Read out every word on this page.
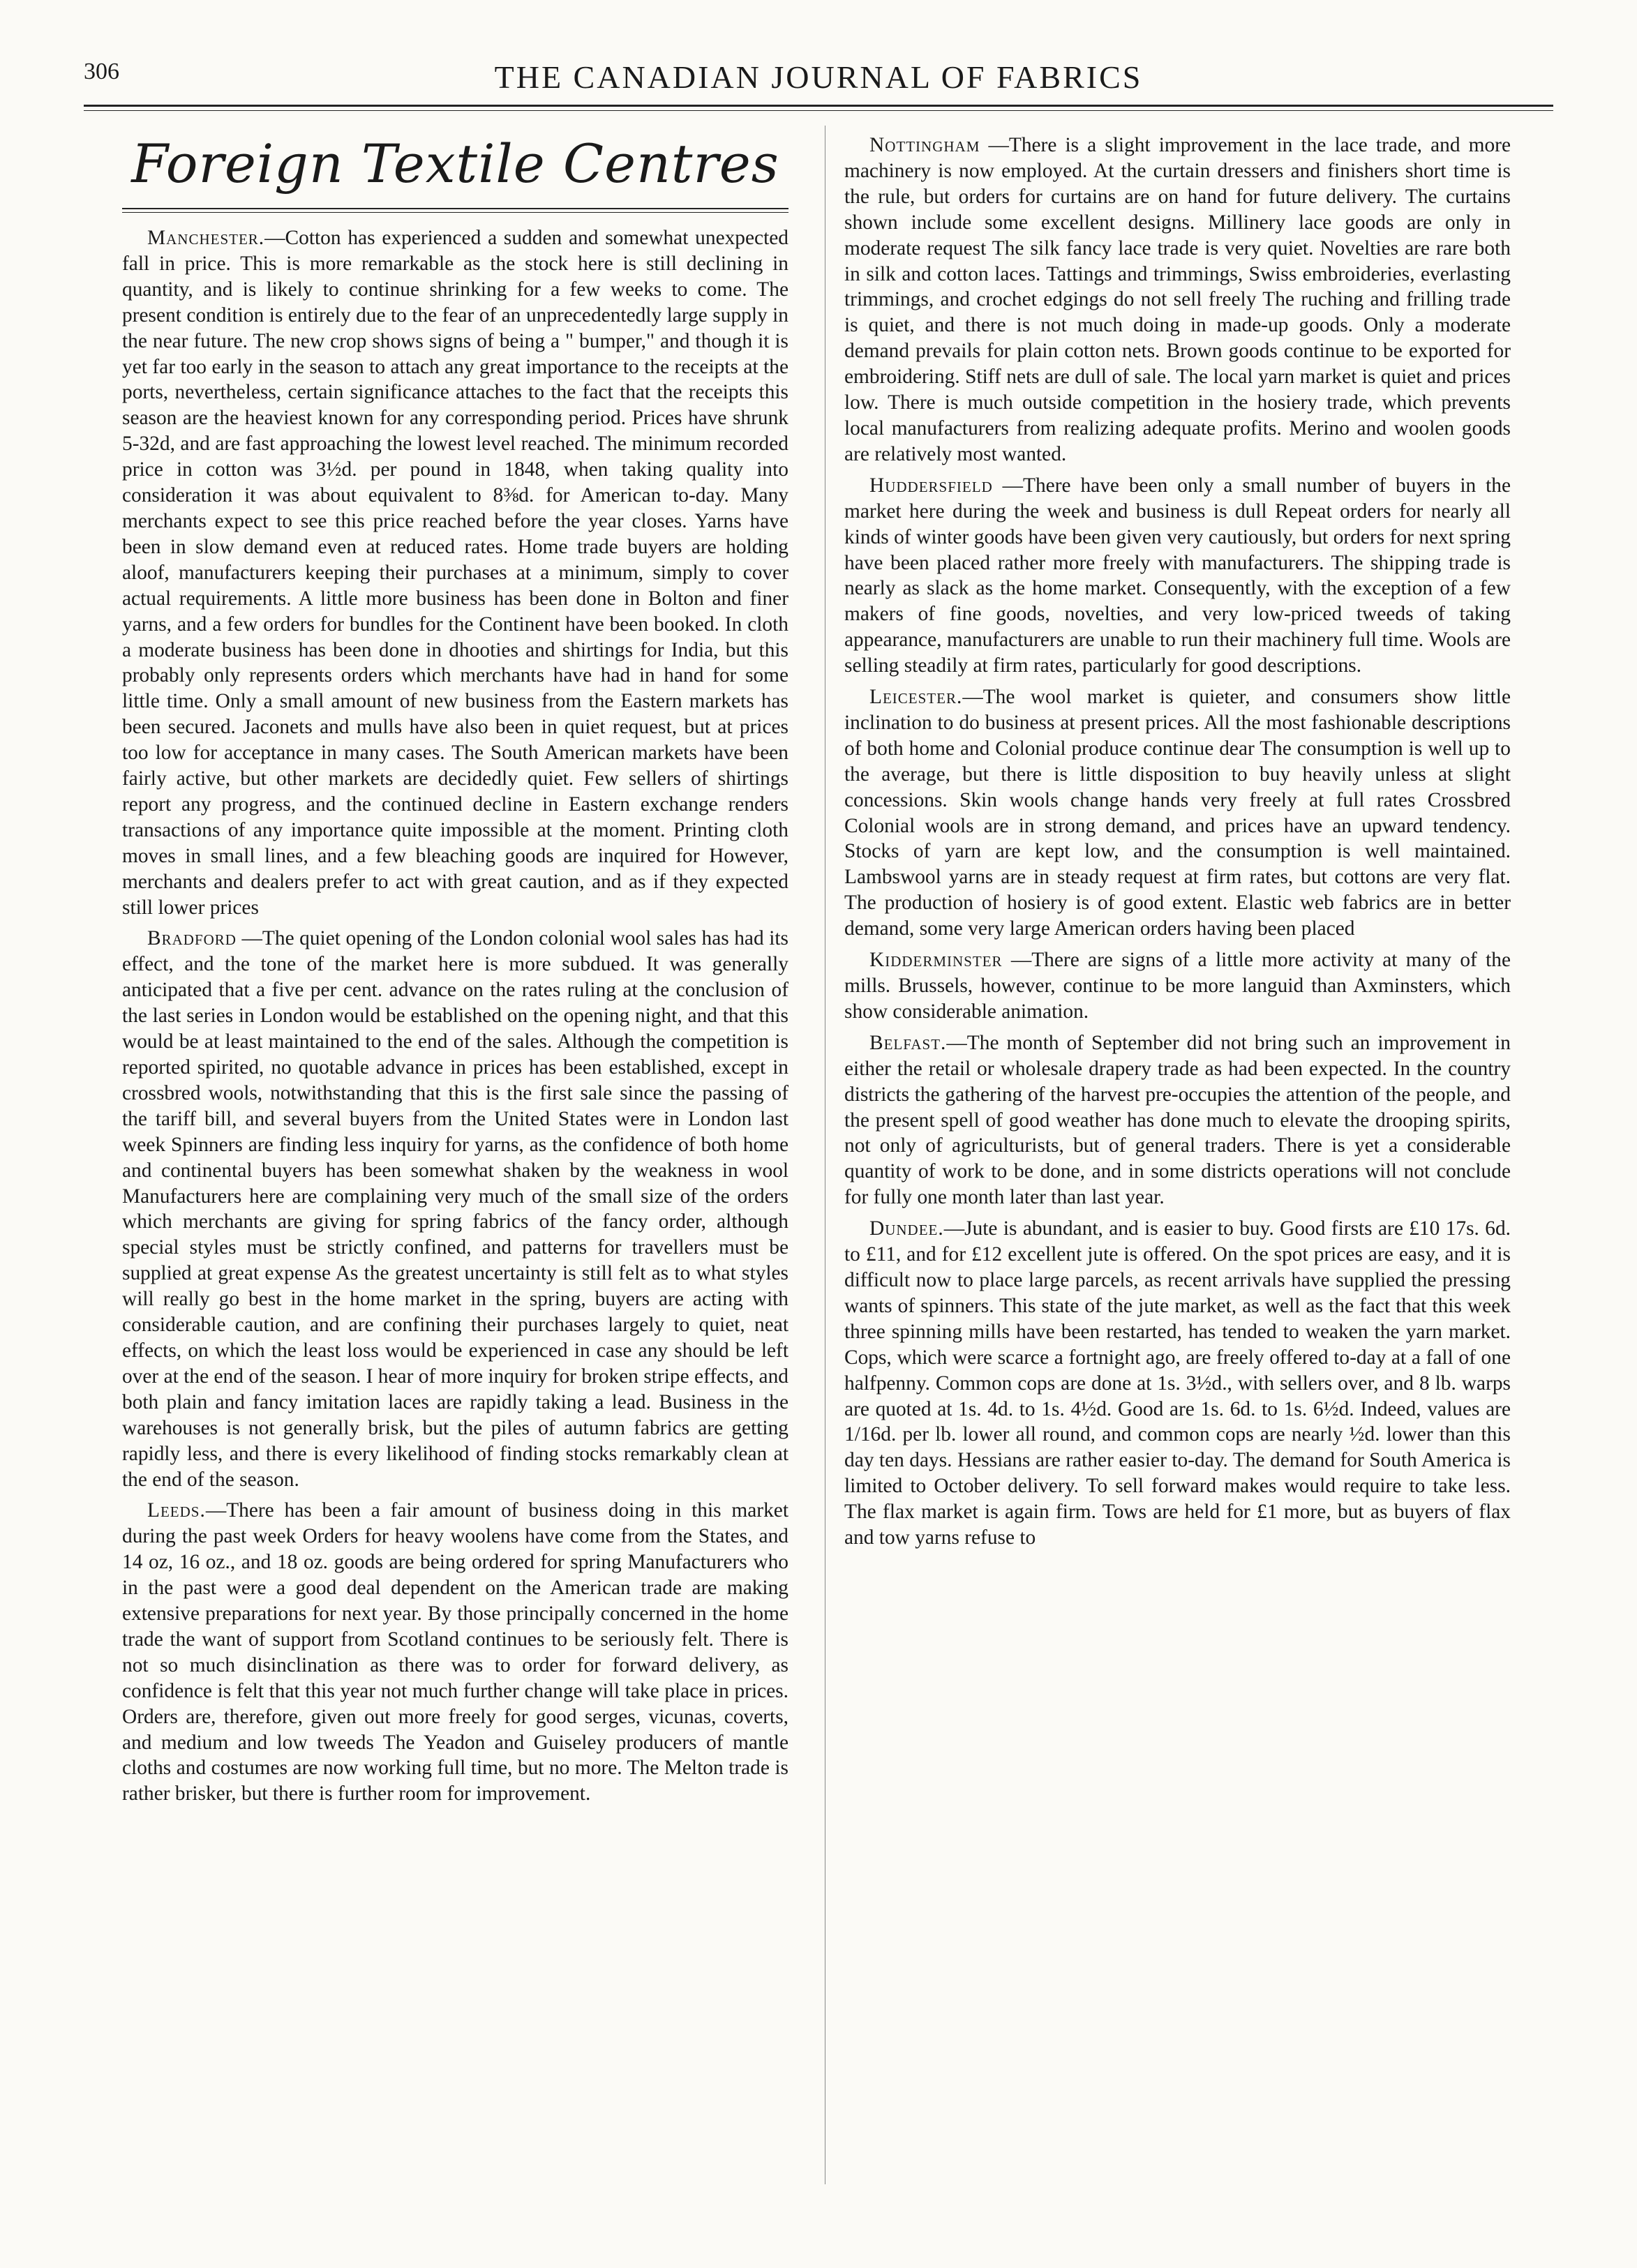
306	THE CANADIAN JOURNAL OF FABRICS
Foreign Textile Centres

Manchester.—Cotton has experienced a sudden and somewhat unexpected fall in price. This is more remarkable as the stock here is still declining in quantity, and is likely to continue shrinking for a few weeks to come. The present condition is entirely due to the fear of an unprecedentedly large supply in the near future. The new crop shows signs of being a " bumper," and though it is yet far too early in the season to attach any great importance to the receipts at the ports, nevertheless, certain significance attaches to the fact that the receipts this season are the heaviest known for any corresponding period. Prices have shrunk 5-32d, and are fast approaching the lowest level reached. The minimum recorded price in cotton was 3½d. per pound in 1848, when taking quality into consideration it was about equivalent to 8⅜d. for American to-day. Many merchants expect to see this price reached before the year closes. Yarns have been in slow demand even at reduced rates. Home trade buyers are holding aloof, manufacturers keeping their purchases at a minimum, simply to cover actual requirements. A little more business has been done in Bolton and finer yarns, and a few orders for bundles for the Continent have been booked. In cloth a moderate business has been done in dhooties and shirtings for India, but this probably only represents orders which merchants have had in hand for some little time. Only a small amount of new business from the Eastern markets has been secured. Jaconets and mulls have also been in quiet request, but at prices too low for acceptance in many cases. The South American markets have been fairly active, but other markets are decidedly quiet. Few sellers of shirtings report any progress, and the continued decline in Eastern exchange renders transactions of any importance quite impossible at the moment. Printing cloth moves in small lines, and a few bleaching goods are inquired for However, merchants and dealers prefer to act with great caution, and as if they expected still lower prices

Bradford —The quiet opening of the London colonial wool sales has had its effect, and the tone of the market here is more subdued. It was generally anticipated that a five per cent. advance on the rates ruling at the conclusion of the last series in London would be established on the opening night, and that this would be at least maintained to the end of the sales. Although the competition is reported spirited, no quotable advance in prices has been established, except in crossbred wools, notwithstanding that this is the first sale since the passing of the tariff bill, and several buyers from the United States were in London last week Spinners are finding less inquiry for yarns, as the confidence of both home and continental buyers has been somewhat shaken by the weakness in wool Manufacturers here are complaining very much of the small size of the orders which merchants are giving for spring fabrics of the fancy order, although special styles must be strictly confined, and patterns for travellers must be supplied at great expense As the greatest uncertainty is still felt as to what styles will really go best in the home market in the spring, buyers are acting with considerable caution, and are confining their purchases largely to quiet, neat effects, on which the least loss would be experienced in case any should be left over at the end of the season. I hear of more inquiry for broken stripe effects, and both plain and fancy imitation laces are rapidly taking a lead. Business in the warehouses is not generally brisk, but the piles of autumn fabrics are getting rapidly less, and there is every likelihood of finding stocks remarkably clean at the end of the season.

Leeds.—There has been a fair amount of business doing in this market during the past week Orders for heavy woolens have come from the States, and 14 oz, 16 oz., and 18 oz. goods are being ordered for spring Manufacturers who in the past were a good deal dependent on the American trade are making extensive preparations for next year. By those principally concerned in the home trade the want of support from Scotland continues to be seriously felt. There is not so much disinclination as there was to order for forward delivery, as confidence is felt that this year not much further change will take place in prices. Orders are, therefore, given out more freely for good serges, vicunas, coverts, and medium and low tweeds The Yeadon and Guiseley producers of mantle cloths and costumes are now working full time, but no more. The Melton trade is rather brisker, but there is further room for improvement.

Nottingham —There is a slight improvement in the lace trade, and more machinery is now employed. At the curtain dressers and finishers short time is the rule, but orders for curtains are on hand for future delivery. The curtains shown include some excellent designs. Millinery lace goods are only in moderate request The silk fancy lace trade is very quiet. Novelties are rare both in silk and cotton laces. Tattings and trimmings, Swiss embroideries, everlasting trimmings, and crochet edgings do not sell freely The ruching and frilling trade is quiet, and there is not much doing in made-up goods. Only a moderate demand prevails for plain cotton nets. Brown goods continue to be exported for embroidering. Stiff nets are dull of sale. The local yarn market is quiet and prices low. There is much outside competition in the hosiery trade, which prevents local manufacturers from realizing adequate profits. Merino and woolen goods are relatively most wanted.

Huddersfield —There have been only a small number of buyers in the market here during the week and business is dull Repeat orders for nearly all kinds of winter goods have been given very cautiously, but orders for next spring have been placed rather more freely with manufacturers. The shipping trade is nearly as slack as the home market. Consequently, with the exception of a few makers of fine goods, novelties, and very low-priced tweeds of taking appearance, manufacturers are unable to run their machinery full time. Wools are selling steadily at firm rates, particularly for good descriptions.

Leicester.—The wool market is quieter, and consumers show little inclination to do business at present prices. All the most fashionable descriptions of both home and Colonial produce continue dear The consumption is well up to the average, but there is little disposition to buy heavily unless at slight concessions. Skin wools change hands very freely at full rates Crossbred Colonial wools are in strong demand, and prices have an upward tendency. Stocks of yarn are kept low, and the consumption is well maintained. Lambswool yarns are in steady request at firm rates, but cottons are very flat. The production of hosiery is of good extent. Elastic web fabrics are in better demand, some very large American orders having been placed

Kidderminster —There are signs of a little more activity at many of the mills. Brussels, however, continue to be more languid than Axminsters, which show considerable animation.

Belfast.—The month of September did not bring such an improvement in either the retail or wholesale drapery trade as had been expected. In the country districts the gathering of the harvest pre-occupies the attention of the people, and the present spell of good weather has done much to elevate the drooping spirits, not only of agriculturists, but of general traders. There is yet a considerable quantity of work to be done, and in some districts operations will not conclude for fully one month later than last year.

Dundee.—Jute is abundant, and is easier to buy. Good firsts are £10 17s. 6d. to £11, and for £12 excellent jute is offered. On the spot prices are easy, and it is difficult now to place large parcels, as recent arrivals have supplied the pressing wants of spinners. This state of the jute market, as well as the fact that this week three spinning mills have been restarted, has tended to weaken the yarn market. Cops, which were scarce a fortnight ago, are freely offered to-day at a fall of one halfpenny. Common cops are done at 1s. 3½d., with sellers over, and 8 lb. warps are quoted at 1s. 4d. to 1s. 4½d. Good are 1s. 6d. to 1s. 6½d. Indeed, values are 1/16d. per lb. lower all round, and common cops are nearly ½d. lower than this day ten days. Hessians are rather easier to-day. The demand for South America is limited to October delivery. To sell forward makes would require to take less. The flax market is again firm. Tows are held for £1 more, but as buyers of flax and tow yarns refuse to
